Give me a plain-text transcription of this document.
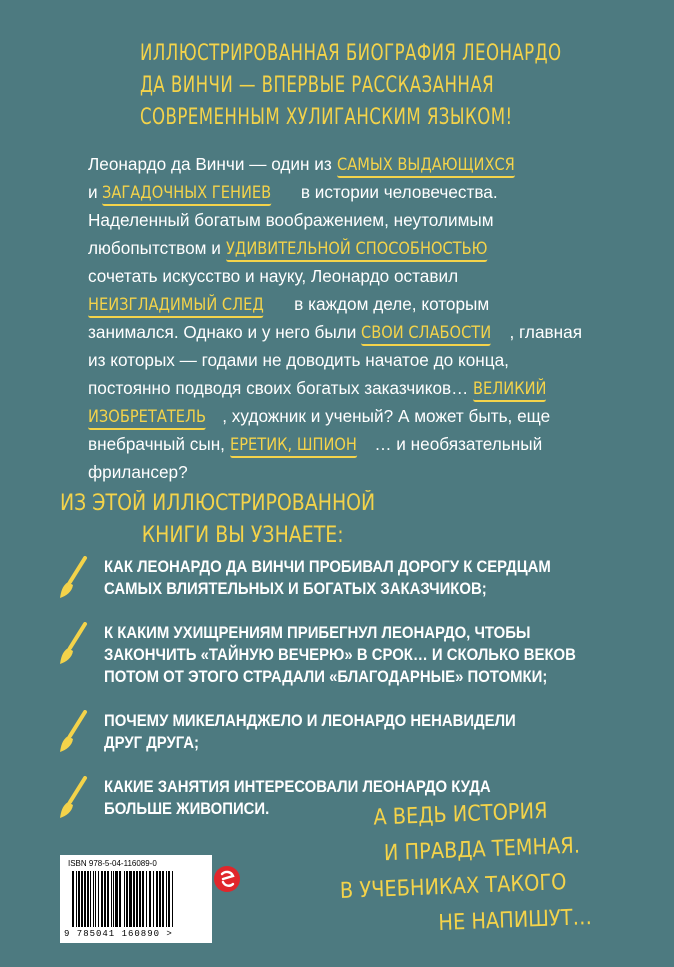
ИЛЛЮСТРИРОВАННАЯ БИОГРАФИЯ ЛЕОНАРДО
ДА ВИНЧИ — ВПЕРВЫЕ РАССКАЗАННАЯ
СОВРЕМЕННЫМ ХУЛИГАНСКИМ ЯЗЫКОМ!
Леонардо да Винчи — один из САМЫХ ВЫДАЮЩИХСЯ
и ЗАГАДОЧНЫХ ГЕНИЕВ в истории человечества.
Наделенный богатым воображением, неутолимым
любопытством и УДИВИТЕЛЬНОЙ СПОСОБНОСТЬЮ
сочетать искусство и науку, Леонардо оставил
НЕИЗГЛАДИМЫЙ СЛЕД в каждом деле, которым
занимался. Однако и у него были СВОИ СЛАБОСТИ , главная
из которых — годами не доводить начатое до конца,
постоянно подводя своих богатых заказчиков… ВЕЛИКИЙ
ИЗОБРЕТАТЕЛЬ , художник и ученый? А может быть, еще
внебрачный сын, ЕРЕТИК, ШПИОН … и необязательный
фрилансер?
ИЗ ЭТОЙ ИЛЛЮСТРИРОВАННОЙ
КНИГИ ВЫ УЗНАЕТЕ:
КАК ЛЕОНАРДО ДА ВИНЧИ ПРОБИВАЛ ДОРОГУ К СЕРДЦАМ
САМЫХ ВЛИЯТЕЛЬНЫХ И БОГАТЫХ ЗАКАЗЧИКОВ;
К КАКИМ УХИЩРЕНИЯМ ПРИБЕГНУЛ ЛЕОНАРДО, ЧТОБЫ
ЗАКОНЧИТЬ «ТАЙНУЮ ВЕЧЕРЮ» В СРОК… И СКОЛЬКО ВЕКОВ
ПОТОМ ОТ ЭТОГО СТРАДАЛИ «БЛАГОДАРНЫЕ» ПОТОМКИ;
ПОЧЕМУ МИКЕЛАНДЖЕЛО И ЛЕОНАРДО НЕНАВИДЕЛИ
ДРУГ ДРУГА;
КАКИЕ ЗАНЯТИЯ ИНТЕРЕСОВАЛИ ЛЕОНАРДО КУДА
БОЛЬШЕ ЖИВОПИСИ.	А ВЕДЬ ИСТОРИЯ
И ПРАВДА ТЕМНАЯ.
В УЧЕБНИКАХ ТАКОГО
НЕ НАПИШУТ…
ISBN 978-5-04-116089-0
9 785041 160890 >
